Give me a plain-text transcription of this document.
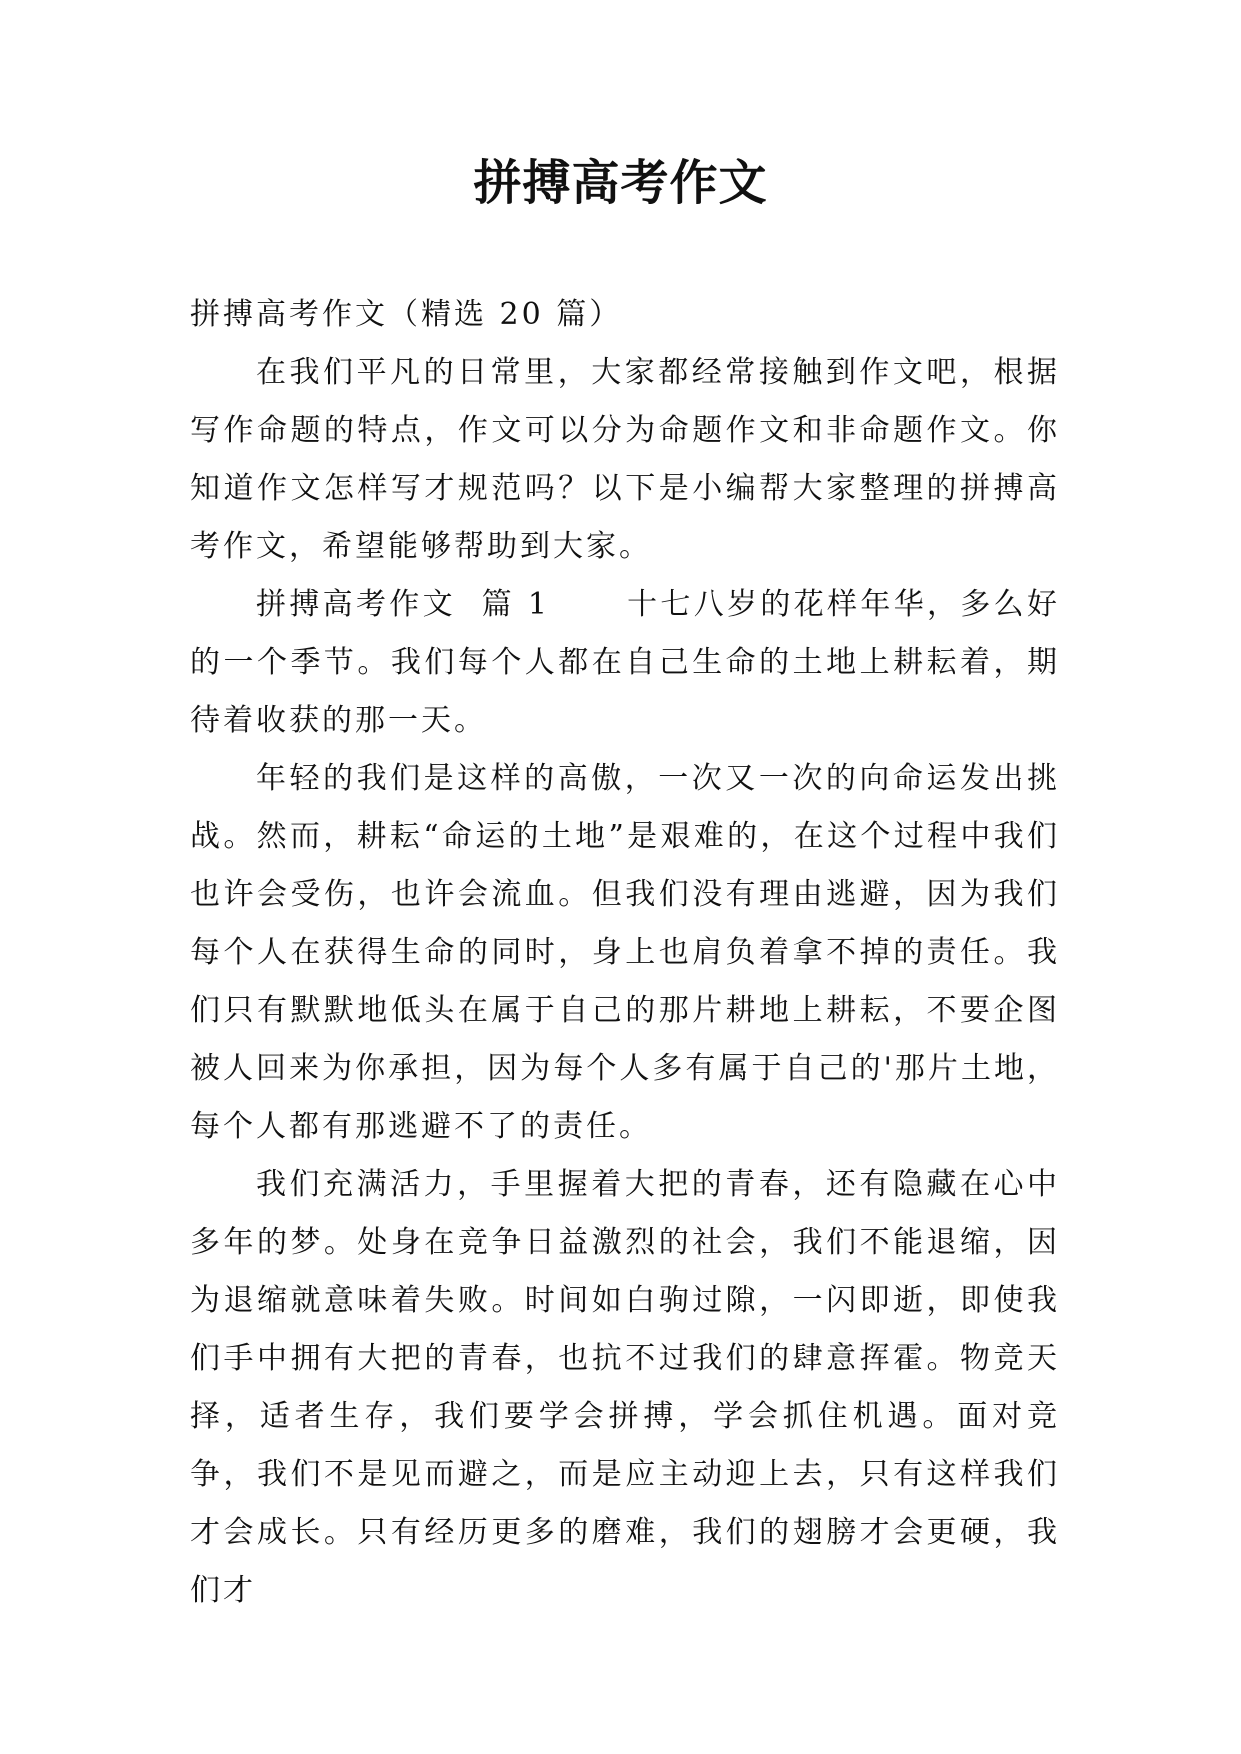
拼搏高考作文

拼搏高考作文（精选 20 篇）

在我们平凡的日常里，大家都经常接触到作文吧，根据写作命题的特点，作文可以分为命题作文和非命题作文。你知道作文怎样写才规范吗？以下是小编帮大家整理的拼搏高考作文，希望能够帮助到大家。

拼搏高考作文  篇 1      十七八岁的花样年华，多么好的一个季节。我们每个人都在自己生命的土地上耕耘着，期待着收获的那一天。

年轻的我们是这样的高傲，一次又一次的向命运发出挑战。然而，耕耘“命运的土地”是艰难的，在这个过程中我们也许会受伤，也许会流血。但我们没有理由逃避，因为我们每个人在获得生命的同时，身上也肩负着拿不掉的责任。我们只有默默地低头在属于自己的那片耕地上耕耘，不要企图被人回来为你承担，因为每个人多有属于自己的'那片土地，每个人都有那逃避不了的责任。

我们充满活力，手里握着大把的青春，还有隐藏在心中多年的梦。处身在竞争日益激烈的社会，我们不能退缩，因为退缩就意味着失败。时间如白驹过隙，一闪即逝，即使我们手中拥有大把的青春，也抗不过我们的肆意挥霍。物竞天择，适者生存，我们要学会拼搏，学会抓住机遇。面对竞争，我们不是见而避之，而是应主动迎上去，只有这样我们才会成长。只有经历更多的磨难，我们的翅膀才会更硬，我们才
